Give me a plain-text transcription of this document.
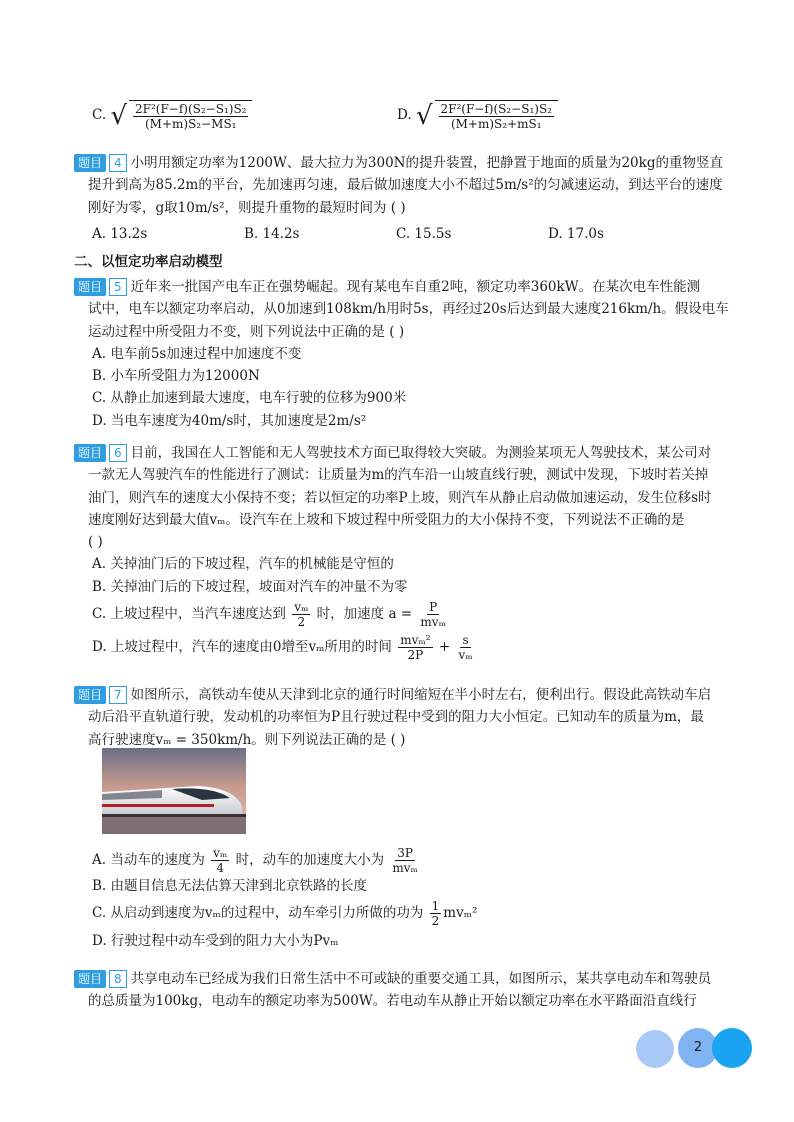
C. √ $\frac{\text{2F²(F−f)(S₂−S₁)S₂}}{\text{(M+m)S₂−MS₁}}$	D. √ $\frac{\text{2F²(F−f)(S₂−S₁)S₂}}{\text{(M+m)S₂+mS₁}}$
题目 4 小明用额定功率为1200W、最大拉力为300N的提升装置，把静置于地面的质量为20kg的重物竖直
提升到高为85.2m的平台，先加速再匀速，最后做加速度大小不超过5m/s²的匀减速运动，到达平台的速度
刚好为零，g取10m/s²，则提升重物的最短时间为 ( )
A. 13.2s	B. 14.2s	C. 15.5s	D. 17.0s
二、以恒定功率启动模型
题目 5 近年来一批国产电车正在强势崛起。现有某电车自重2吨，额定功率360kW。在某次电车性能测
试中，电车以额定功率启动，从0加速到108km/h用时5s，再经过20s后达到最大速度216km/h。假设电车
运动过程中所受阻力不变，则下列说法中正确的是 ( )
A. 电车前5s加速过程中加速度不变
B. 小车所受阻力为12000N
C. 从静止加速到最大速度，电车行驶的位移为900米
D. 当电车速度为40m/s时，其加速度是2m/s²
题目 6 目前，我国在人工智能和无人驾驶技术方面已取得较大突破。为测验某项无人驾驶技术，某公司对
一款无人驾驶汽车的性能进行了测试：让质量为m的汽车沿一山坡直线行驶，测试中发现，下坡时若关掉
油门，则汽车的速度大小保持不变；若以恒定的功率P上坡，则汽车从静止启动做加速运动，发生位移s时
速度刚好达到最大值vₘ。设汽车在上坡和下坡过程中所受阻力的大小保持不变，下列说法不正确的是
( )
A. 关掉油门后的下坡过程，汽车的机械能是守恒的
B. 关掉油门后的下坡过程，坡面对汽车的冲量不为零
C. 上坡过程中，当汽车速度达到 $\frac{\text{vₘ}}{2}$ 时，加速度 $a = \frac{P}{\text{mvₘ}}$
D. 上坡过程中，汽车的速度由0增至vₘ所用的时间 $\frac{\text{mvₘ²}}{2P} + \frac{s}{\text{vₘ}}$
题目 7 如图所示，高铁动车使从天津到北京的通行时间缩短在半小时左右，便利出行。假设此高铁动车启
动后沿平直轨道行驶，发动机的功率恒为P且行驶过程中受到的阻力大小恒定。已知动车的质量为m，最
高行驶速度vₘ = 350km/h。则下列说法正确的是 ( )
A. 当动车的速度为 $\frac{\text{vₘ}}{4}$ 时，动车的加速度大小为 $\frac{3P}{\text{mvₘ}}$
B. 由题目信息无法估算天津到北京铁路的长度
C. 从启动到速度为vₘ的过程中，动车牵引力所做的功为 $\frac{1}{2} mv_m^2$
D. 行驶过程中动车受到的阻力大小为Pvₘ
题目 8 共享电动车已经成为我们日常生活中不可或缺的重要交通工具，如图所示，某共享电动车和驾驶员
的总质量为100kg，电动车的额定功率为500W。若电动车从静止开始以额定功率在水平路面沿直线行
2
